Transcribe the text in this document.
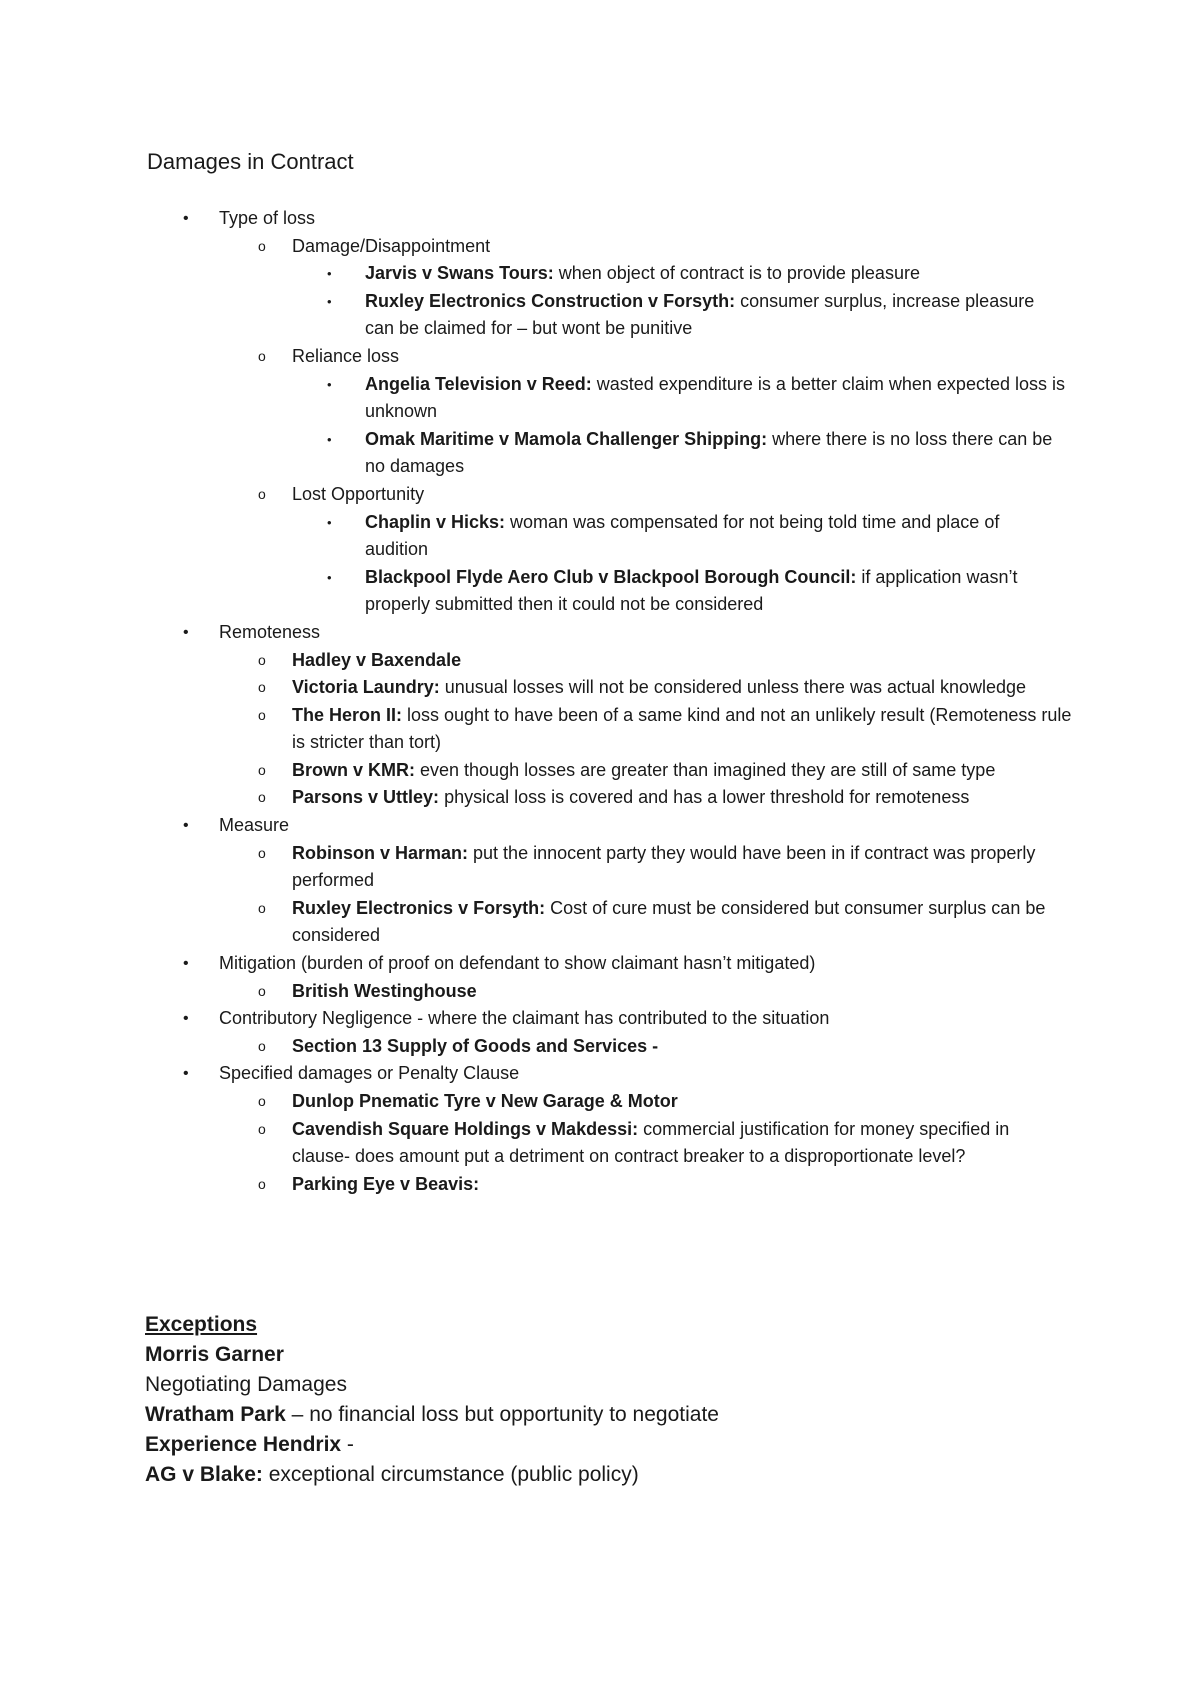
Damages in Contract
• Type of loss
o Damage/Disappointment
• Jarvis v Swans Tours: when object of contract is to provide pleasure
• Ruxley Electronics Construction v Forsyth: consumer surplus, increase pleasure can be claimed for – but wont be punitive
o Reliance loss
• Angelia Television v Reed: wasted expenditure is a better claim when expected loss is unknown
• Omak Maritime v Mamola Challenger Shipping: where there is no loss there can be no damages
o Lost Opportunity
• Chaplin v Hicks: woman was compensated for not being told time and place of audition
• Blackpool Flyde Aero Club v Blackpool Borough Council: if application wasn’t properly submitted then it could not be considered
• Remoteness
o Hadley v Baxendale
o Victoria Laundry: unusual losses will not be considered unless there was actual knowledge
o The Heron II: loss ought to have been of a same kind and not an unlikely result (Remoteness rule is stricter than tort)
o Brown v KMR: even though losses are greater than imagined they are still of same type
o Parsons v Uttley: physical loss is covered and has a lower threshold for remoteness
• Measure
o Robinson v Harman: put the innocent party they would have been in if contract was properly performed
o Ruxley Electronics v Forsyth: Cost of cure must be considered but consumer surplus can be considered
• Mitigation (burden of proof on defendant to show claimant hasn’t mitigated)
o British Westinghouse
• Contributory Negligence - where the claimant has contributed to the situation
o Section 13 Supply of Goods and Services -
• Specified damages or Penalty Clause
o Dunlop Pnematic Tyre v New Garage & Motor
o Cavendish Square Holdings v Makdessi: commercial justification for money specified in clause- does amount put a detriment on contract breaker to a disproportionate level?
o Parking Eye v Beavis:
Exceptions
Morris Garner
Negotiating Damages
Wratham Park – no financial loss but opportunity to negotiate
Experience Hendrix -
AG v Blake: exceptional circumstance (public policy)
